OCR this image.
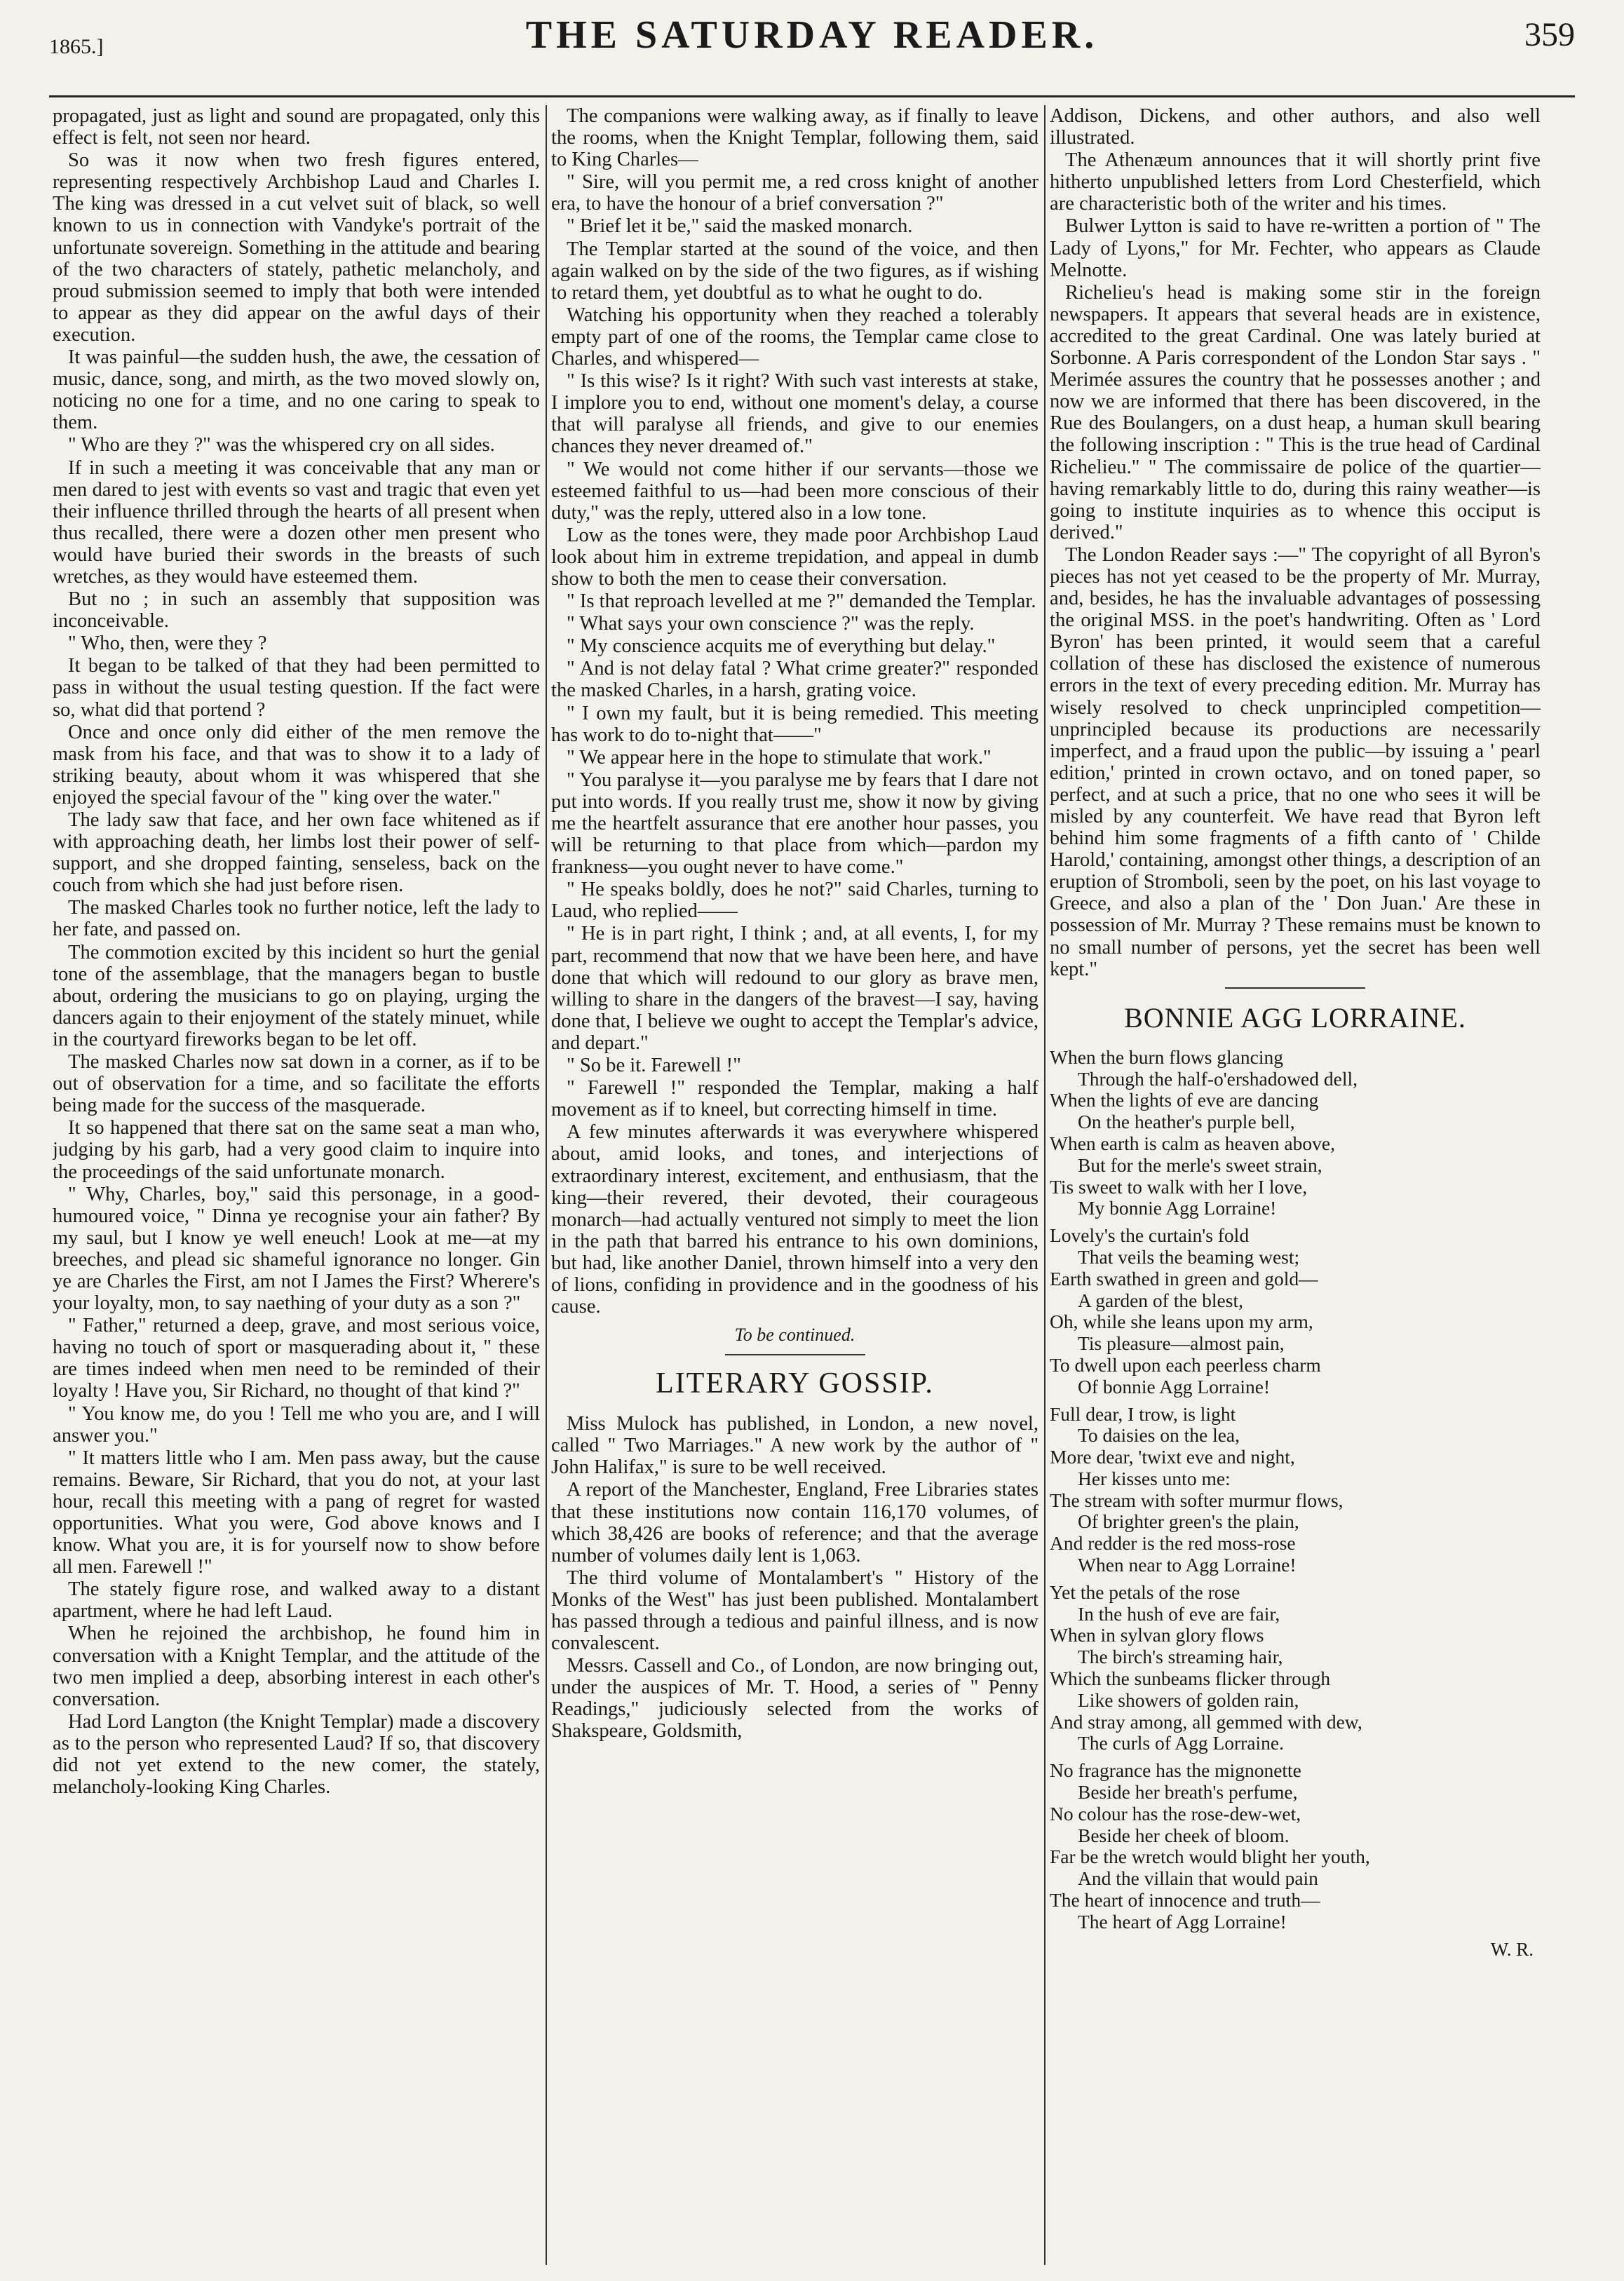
1865.]	THE SATURDAY READER.	359

propagated, just as light and sound are propagated, only this effect is felt, not seen nor heard.

So was it now when two fresh figures entered, representing respectively Archbishop Laud and Charles I. The king was dressed in a cut velvet suit of black, so well known to us in connection with Vandyke's portrait of the unfortunate sovereign. Something in the attitude and bearing of the two characters of stately, pathetic melancholy, and proud submission seemed to imply that both were intended to appear as they did appear on the awful days of their execution.

It was painful—the sudden hush, the awe, the cessation of music, dance, song, and mirth, as the two moved slowly on, noticing no one for a time, and no one caring to speak to them.

" Who are they ?" was the whispered cry on all sides.

If in such a meeting it was conceivable that any man or men dared to jest with events so vast and tragic that even yet their influence thrilled through the hearts of all present when thus recalled, there were a dozen other men present who would have buried their swords in the breasts of such wretches, as they would have esteemed them.

But no ; in such an assembly that supposition was inconceivable.

" Who, then, were they ?

It began to be talked of that they had been permitted to pass in without the usual testing question. If the fact were so, what did that portend ?

Once and once only did either of the men remove the mask from his face, and that was to show it to a lady of striking beauty, about whom it was whispered that she enjoyed the special favour of the " king over the water."

The lady saw that face, and her own face whitened as if with approaching death, her limbs lost their power of self-support, and she dropped fainting, senseless, back on the couch from which she had just before risen.

The masked Charles took no further notice, left the lady to her fate, and passed on.

The commotion excited by this incident so hurt the genial tone of the assemblage, that the managers began to bustle about, ordering the musicians to go on playing, urging the dancers again to their enjoyment of the stately minuet, while in the courtyard fireworks began to be let off.

The masked Charles now sat down in a corner, as if to be out of observation for a time, and so facilitate the efforts being made for the success of the masquerade.

It so happened that there sat on the same seat a man who, judging by his garb, had a very good claim to inquire into the proceedings of the said unfortunate monarch.

" Why, Charles, boy," said this personage, in a good-humoured voice, " Dinna ye recognise your ain father? By my saul, but I know ye well eneuch! Look at me—at my breeches, and plead sic shameful ignorance no longer. Gin ye are Charles the First, am not I James the First? Wherere's your loyalty, mon, to say naething of your duty as a son ?"

" Father," returned a deep, grave, and most serious voice, having no touch of sport or masquerading about it, " these are times indeed when men need to be reminded of their loyalty ! Have you, Sir Richard, no thought of that kind ?"

" You know me, do you ! Tell me who you are, and I will answer you."

" It matters little who I am. Men pass away, but the cause remains. Beware, Sir Richard, that you do not, at your last hour, recall this meeting with a pang of regret for wasted opportunities. What you were, God above knows and I know. What you are, it is for yourself now to show before all men. Farewell !"

The stately figure rose, and walked away to a distant apartment, where he had left Laud.

When he rejoined the archbishop, he found him in conversation with a Knight Templar, and the attitude of the two men implied a deep, absorbing interest in each other's conversation.

Had Lord Langton (the Knight Templar) made a discovery as to the person who represented Laud? If so, that discovery did not yet extend to the new comer, the stately, melancholy-looking King Charles.

The companions were walking away, as if finally to leave the rooms, when the Knight Templar, following them, said to King Charles—

" Sire, will you permit me, a red cross knight of another era, to have the honour of a brief conversation ?"

" Brief let it be," said the masked monarch.

The Templar started at the sound of the voice, and then again walked on by the side of the two figures, as if wishing to retard them, yet doubtful as to what he ought to do.

Watching his opportunity when they reached a tolerably empty part of one of the rooms, the Templar came close to Charles, and whispered—

" Is this wise? Is it right? With such vast interests at stake, I implore you to end, without one moment's delay, a course that will paralyse all friends, and give to our enemies chances they never dreamed of."

" We would not come hither if our servants—those we esteemed faithful to us—had been more conscious of their duty," was the reply, uttered also in a low tone.

Low as the tones were, they made poor Archbishop Laud look about him in extreme trepidation, and appeal in dumb show to both the men to cease their conversation.

" Is that reproach levelled at me ?" demanded the Templar.

" What says your own conscience ?" was the reply.

" My conscience acquits me of everything but delay."

" And is not delay fatal ? What crime greater?" responded the masked Charles, in a harsh, grating voice.

" I own my fault, but it is being remedied. This meeting has work to do to-night that——"

" We appear here in the hope to stimulate that work."

" You paralyse it—you paralyse me by fears that I dare not put into words. If you really trust me, show it now by giving me the heartfelt assurance that ere another hour passes, you will be returning to that place from which—pardon my frankness—you ought never to have come."

" He speaks boldly, does he not?" said Charles, turning to Laud, who replied——

" He is in part right, I think ; and, at all events, I, for my part, recommend that now that we have been here, and have done that which will redound to our glory as brave men, willing to share in the dangers of the bravest—I say, having done that, I believe we ought to accept the Templar's advice, and depart."

" So be it. Farewell !"

" Farewell !" responded the Templar, making a half movement as if to kneel, but correcting himself in time.

A few minutes afterwards it was everywhere whispered about, amid looks, and tones, and interjections of extraordinary interest, excitement, and enthusiasm, that the king—their revered, their devoted, their courageous monarch—had actually ventured not simply to meet the lion in the path that barred his entrance to his own dominions, but had, like another Daniel, thrown himself into a very den of lions, confiding in providence and in the goodness of his cause.

To be continued.
LITERARY GOSSIP.

Miss Mulock has published, in London, a new novel, called " Two Marriages." A new work by the author of " John Halifax," is sure to be well received.

A report of the Manchester, England, Free Libraries states that these institutions now contain 116,170 volumes, of which 38,426 are books of reference; and that the average number of volumes daily lent is 1,063.

The third volume of Montalambert's " History of the Monks of the West" has just been published. Montalambert has passed through a tedious and painful illness, and is now convalescent.

Messrs. Cassell and Co., of London, are now bringing out, under the auspices of Mr. T. Hood, a series of " Penny Readings," judiciously selected from the works of Shakspeare, Goldsmith,

Addison, Dickens, and other authors, and also well illustrated.

The Athenæum announces that it will shortly print five hitherto unpublished letters from Lord Chesterfield, which are characteristic both of the writer and his times.

Bulwer Lytton is said to have re-written a portion of " The Lady of Lyons," for Mr. Fechter, who appears as Claude Melnotte.

Richelieu's head is making some stir in the foreign newspapers. It appears that several heads are in existence, accredited to the great Cardinal. One was lately buried at Sorbonne. A Paris correspondent of the London Star says . " Merimée assures the country that he possesses another ; and now we are informed that there has been discovered, in the Rue des Boulangers, on a dust heap, a human skull bearing the following inscription : " This is the true head of Cardinal Richelieu." " The commissaire de police of the quartier—having remarkably little to do, during this rainy weather—is going to institute inquiries as to whence this occiput is derived."

The London Reader says :—" The copyright of all Byron's pieces has not yet ceased to be the property of Mr. Murray, and, besides, he has the invaluable advantages of possessing the original MSS. in the poet's handwriting. Often as ' Lord Byron' has been printed, it would seem that a careful collation of these has disclosed the existence of numerous errors in the text of every preceding edition. Mr. Murray has wisely resolved to check unprincipled competition—unprincipled because its productions are necessarily imperfect, and a fraud upon the public—by issuing a ' pearl edition,' printed in crown octavo, and on toned paper, so perfect, and at such a price, that no one who sees it will be misled by any counterfeit. We have read that Byron left behind him some fragments of a fifth canto of ' Childe Harold,' containing, amongst other things, a description of an eruption of Stromboli, seen by the poet, on his last voyage to Greece, and also a plan of the ' Don Juan.' Are these in possession of Mr. Murray ? These remains must be known to no small number of persons, yet the secret has been well kept."

BONNIE AGG LORRAINE.
When the burn flows glancing
Through the half-o'ershadowed dell,
When the lights of eve are dancing
On the heather's purple bell,
When earth is calm as heaven above,
But for the merle's sweet strain,
Tis sweet to walk with her I love,
My bonnie Agg Lorraine!
Lovely's the curtain's fold
That veils the beaming west;
Earth swathed in green and gold—
A garden of the blest,
Oh, while she leans upon my arm,
Tis pleasure—almost pain,
To dwell upon each peerless charm
Of bonnie Agg Lorraine!
Full dear, I trow, is light
To daisies on the lea,
More dear, 'twixt eve and night,
Her kisses unto me:
The stream with softer murmur flows,
Of brighter green's the plain,
And redder is the red moss-rose
When near to Agg Lorraine!
Yet the petals of the rose
In the hush of eve are fair,
When in sylvan glory flows
The birch's streaming hair,
Which the sunbeams flicker through
Like showers of golden rain,
And stray among, all gemmed with dew,
The curls of Agg Lorraine.
No fragrance has the mignonette
Beside her breath's perfume,
No colour has the rose-dew-wet,
Beside her cheek of bloom.
Far be the wretch would blight her youth,
And the villain that would pain
The heart of innocence and truth—
The heart of Agg Lorraine!
W. R.
